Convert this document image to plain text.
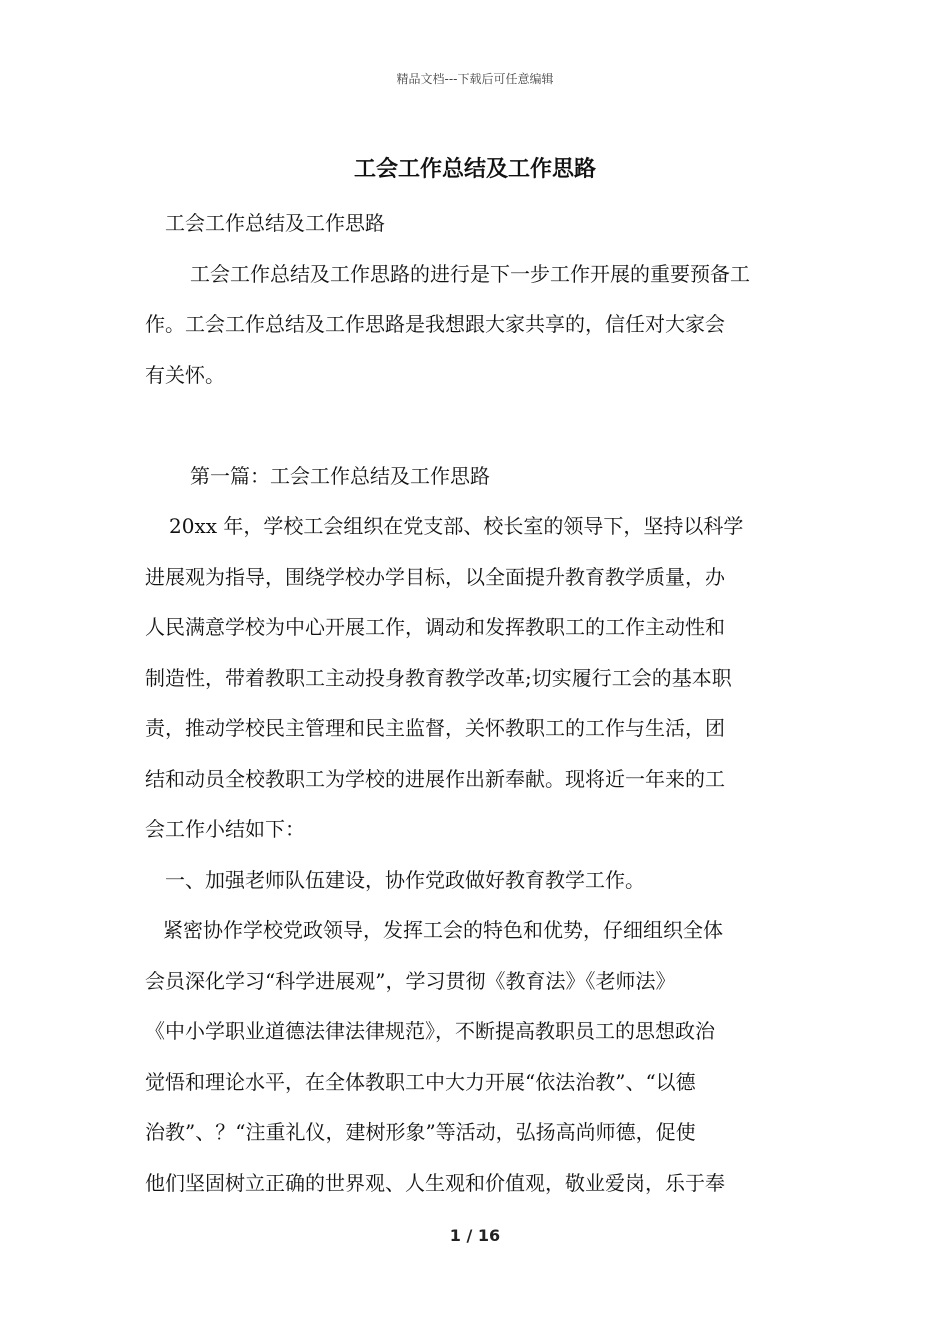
精品文档---下载后可任意编辑
工会工作总结及工作思路
工会工作总结及工作思路
工会工作总结及工作思路的进行是下一步工作开展的重要预备工
作。工会工作总结及工作思路是我想跟大家共享的，信任对大家会
有关怀。
第一篇：工会工作总结及工作思路
20xx 年，学校工会组织在党支部、校长室的领导下，坚持以科学
进展观为指导，围绕学校办学目标，以全面提升教育教学质量，办
人民满意学校为中心开展工作，调动和发挥教职工的工作主动性和
制造性，带着教职工主动投身教育教学改革;切实履行工会的基本职
责，推动学校民主管理和民主监督，关怀教职工的工作与生活，团
结和动员全校教职工为学校的进展作出新奉献。现将近一年来的工
会工作小结如下：
一、加强老师队伍建设，协作党政做好教育教学工作。
紧密协作学校党政领导，发挥工会的特色和优势，仔细组织全体
会员深化学习“科学进展观”，学习贯彻《教育法》《老师法》
《中小学职业道德法律法律规范》，不断提高教职员工的思想政治
觉悟和理论水平，在全体教职工中大力开展“依法治教”、“以德
治教”、？“注重礼仪，建树形象”等活动，弘扬高尚师德，促使
他们坚固树立正确的世界观、人生观和价值观，敬业爱岗，乐于奉
1 / 16
